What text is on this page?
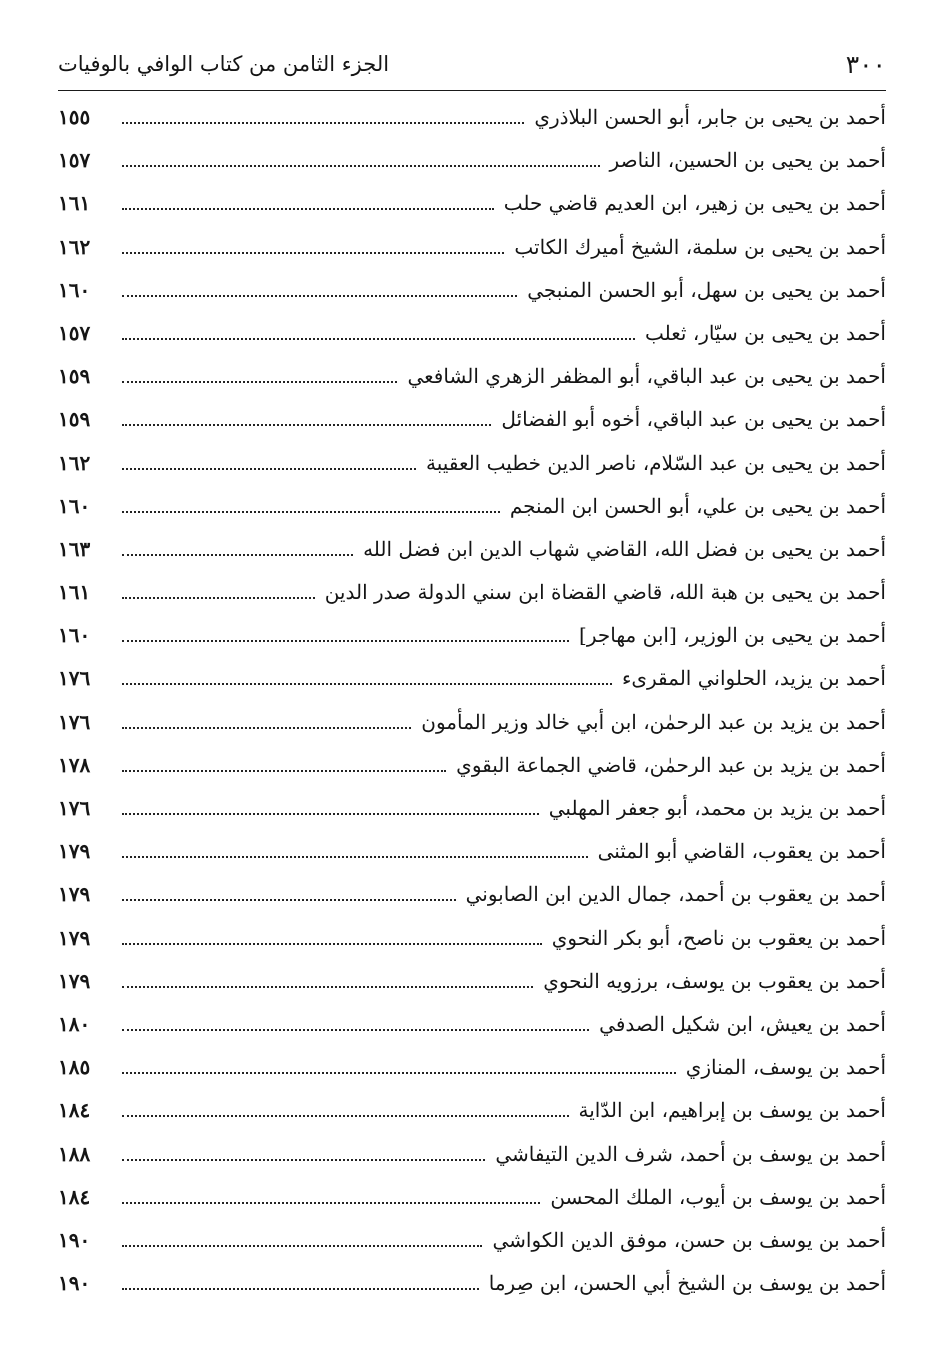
٣٠٠
الجزء الثامن من كتاب الوافي بالوفيات
أحمد بن يحيى بن جابر، أبو الحسن البلاذري
١٥٥
أحمد بن يحيى بن الحسين، الناصر
١٥٧
أحمد بن يحيى بن زهير، ابن العديم قاضي حلب
١٦١
أحمد بن يحيى بن سلمة، الشيخ أميرك الكاتب
١٦٢
أحمد بن يحيى بن سهل، أبو الحسن المنبجي
١٦٠
أحمد بن يحيى بن سيّار، ثعلب
١٥٧
أحمد بن يحيى بن عبد الباقي، أبو المظفر الزهري الشافعي
١٥٩
أحمد بن يحيى بن عبد الباقي، أخوه أبو الفضائل
١٥٩
أحمد بن يحيى بن عبد السّلام، ناصر الدين خطيب العقيبة
١٦٢
أحمد بن يحيى بن علي، أبو الحسن ابن المنجم
١٦٠
أحمد بن يحيى بن فضل الله، القاضي شهاب الدين ابن فضل الله
١٦٣
أحمد بن يحيى بن هبة الله، قاضي القضاة ابن سني الدولة صدر الدين
١٦١
أحمد بن يحيى بن الوزير، [ابن مهاجر]
١٦٠
أحمد بن يزيد، الحلواني المقرىء
١٧٦
أحمد بن يزيد بن عبد الرحمٰن، ابن أبي خالد وزير المأمون
١٧٦
أحمد بن يزيد بن عبد الرحمٰن، قاضي الجماعة البقوي
١٧٨
أحمد بن يزيد بن محمد، أبو جعفر المهلبي
١٧٦
أحمد بن يعقوب، القاضي أبو المثنى
١٧٩
أحمد بن يعقوب بن أحمد، جمال الدين ابن الصابوني
١٧٩
أحمد بن يعقوب بن ناصح، أبو بكر النحوي
١٧٩
أحمد بن يعقوب بن يوسف، برزويه النحوي
١٧٩
أحمد بن يعيش، ابن شكيل الصدفي
١٨٠
أحمد بن يوسف، المنازي
١٨٥
أحمد بن يوسف بن إبراهيم، ابن الدّاية
١٨٤
أحمد بن يوسف بن أحمد، شرف الدين التيفاشي
١٨٨
أحمد بن يوسف بن أيوب، الملك المحسن
١٨٤
أحمد بن يوسف بن حسن، موفق الدين الكواشي
١٩٠
أحمد بن يوسف بن الشيخ أبي الحسن، ابن صِرما
١٩٠
